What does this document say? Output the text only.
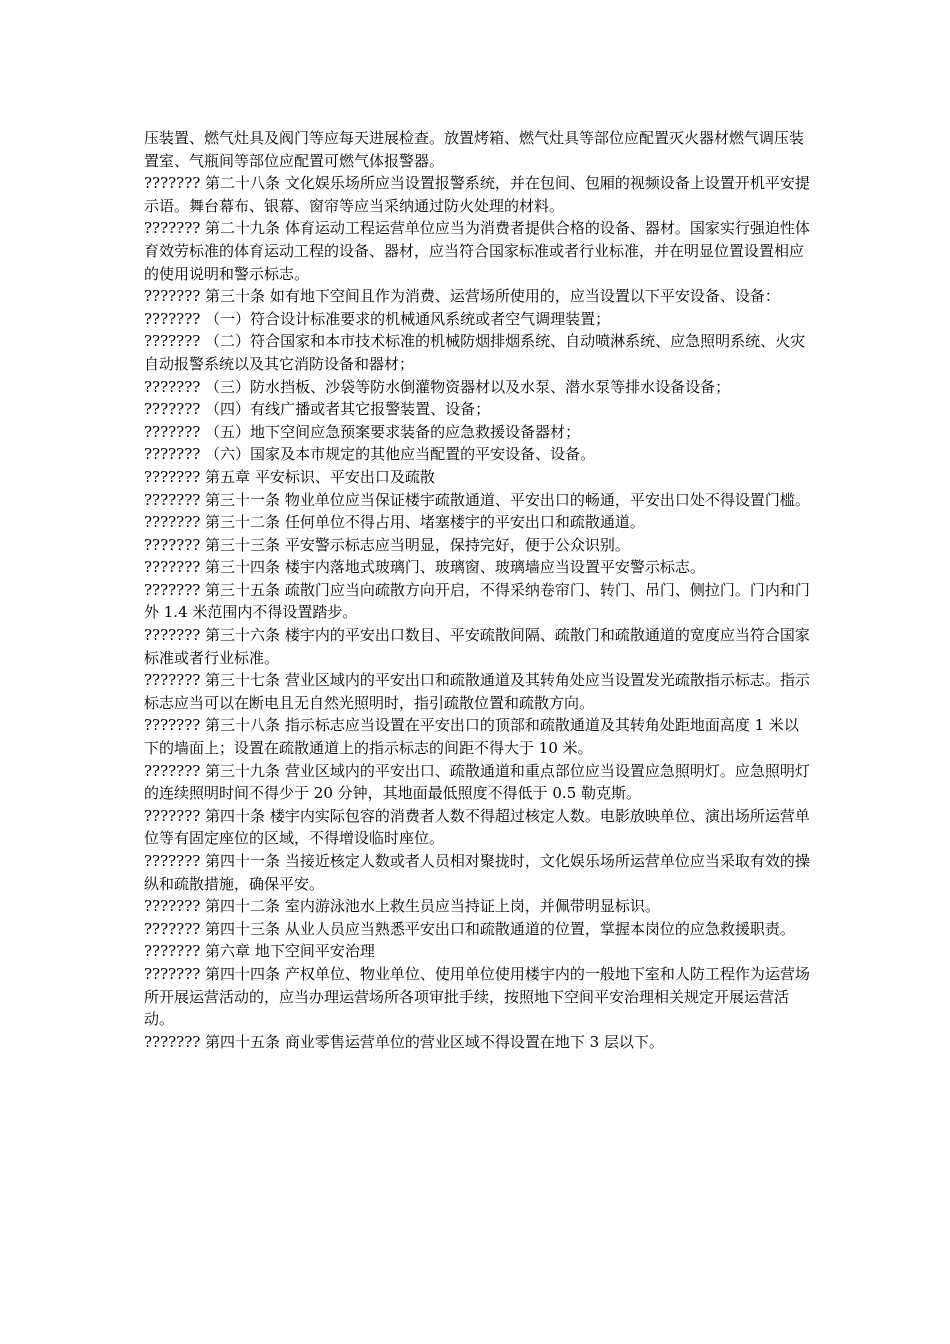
压装置、燃气灶具及阀门等应每天进展检查。放置烤箱、燃气灶具等部位应配置灭火器材燃气调压装置室、气瓶间等部位应配置可燃气体报警器。

??????? 第二十八条 文化娱乐场所应当设置报警系统，并在包间、包厢的视频设备上设置开机平安提示语。舞台幕布、银幕、窗帘等应当采纳通过防火处理的材料。

??????? 第二十九条 体育运动工程运营单位应当为消费者提供合格的设备、器材。国家实行强迫性体育效劳标准的体育运动工程的设备、器材，应当符合国家标准或者行业标准，并在明显位置设置相应的使用说明和警示标志。

??????? 第三十条 如有地下空间且作为消费、运营场所使用的，应当设置以下平安设备、设备：

??????? （一）符合设计标准要求的机械通风系统或者空气调理装置；

??????? （二）符合国家和本市技术标准的机械防烟排烟系统、自动喷淋系统、应急照明系统、火灾自动报警系统以及其它消防设备和器材；

??????? （三）防水挡板、沙袋等防水倒灌物资器材以及水泵、潜水泵等排水设备设备；

??????? （四）有线广播或者其它报警装置、设备；

??????? （五）地下空间应急预案要求装备的应急救援设备器材；

??????? （六）国家及本市规定的其他应当配置的平安设备、设备。

??????? 第五章 平安标识、平安出口及疏散

??????? 第三十一条 物业单位应当保证楼宇疏散通道、平安出口的畅通，平安出口处不得设置门槛。

??????? 第三十二条 任何单位不得占用、堵塞楼宇的平安出口和疏散通道。

??????? 第三十三条 平安警示标志应当明显，保持完好，便于公众识别。

??????? 第三十四条 楼宇内落地式玻璃门、玻璃窗、玻璃墙应当设置平安警示标志。

??????? 第三十五条 疏散门应当向疏散方向开启，不得采纳卷帘门、转门、吊门、侧拉门。门内和门外 1.4 米范围内不得设置踏步。

??????? 第三十六条 楼宇内的平安出口数目、平安疏散间隔、疏散门和疏散通道的宽度应当符合国家标准或者行业标准。

??????? 第三十七条 营业区域内的平安出口和疏散通道及其转角处应当设置发光疏散指示标志。指示标志应当可以在断电且无自然光照明时，指引疏散位置和疏散方向。

??????? 第三十八条 指示标志应当设置在平安出口的顶部和疏散通道及其转角处距地面高度 1 米以下的墙面上；设置在疏散通道上的指示标志的间距不得大于 10 米。

??????? 第三十九条 营业区域内的平安出口、疏散通道和重点部位应当设置应急照明灯。应急照明灯的连续照明时间不得少于 20 分钟，其地面最低照度不得低于 0.5 勒克斯。

??????? 第四十条 楼宇内实际包容的消费者人数不得超过核定人数。电影放映单位、演出场所运营单位等有固定座位的区域，不得增设临时座位。

??????? 第四十一条 当接近核定人数或者人员相对聚拢时，文化娱乐场所运营单位应当采取有效的操纵和疏散措施，确保平安。

??????? 第四十二条 室内游泳池水上救生员应当持证上岗，并佩带明显标识。

??????? 第四十三条 从业人员应当熟悉平安出口和疏散通道的位置，掌握本岗位的应急救援职责。

??????? 第六章 地下空间平安治理

??????? 第四十四条 产权单位、物业单位、使用单位使用楼宇内的一般地下室和人防工程作为运营场所开展运营活动的，应当办理运营场所各项审批手续，按照地下空间平安治理相关规定开展运营活动。

??????? 第四十五条 商业零售运营单位的营业区域不得设置在地下 3 层以下。
